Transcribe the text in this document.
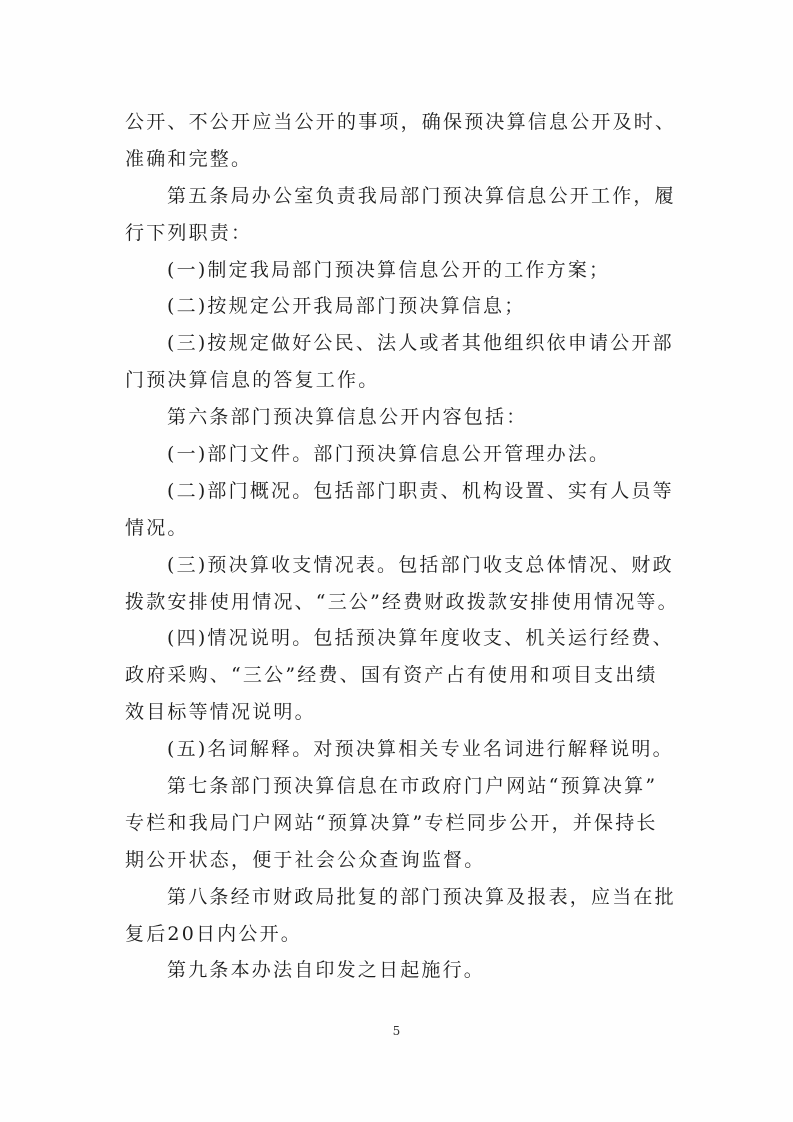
公开、不公开应当公开的事项，确保预决算信息公开及时、
准确和完整。
第五条局办公室负责我局部门预决算信息公开工作，履
行下列职责：
(一)制定我局部门预决算信息公开的工作方案；
(二)按规定公开我局部门预决算信息；
(三)按规定做好公民、法人或者其他组织依申请公开部
门预决算信息的答复工作。
第六条部门预决算信息公开内容包括：
(一)部门文件。部门预决算信息公开管理办法。
(二)部门概况。包括部门职责、机构设置、实有人员等
情况。
(三)预决算收支情况表。包括部门收支总体情况、财政
拨款安排使用情况、“三公”经费财政拨款安排使用情况等。
(四)情况说明。包括预决算年度收支、机关运行经费、
政府采购、“三公”经费、国有资产占有使用和项目支出绩
效目标等情况说明。
(五)名词解释。对预决算相关专业名词进行解释说明。
第七条部门预决算信息在市政府门户网站“预算决算”
专栏和我局门户网站“预算决算”专栏同步公开，并保持长
期公开状态，便于社会公众查询监督。
第八条经市财政局批复的部门预决算及报表，应当在批
复后20日内公开。
第九条本办法自印发之日起施行。
5
